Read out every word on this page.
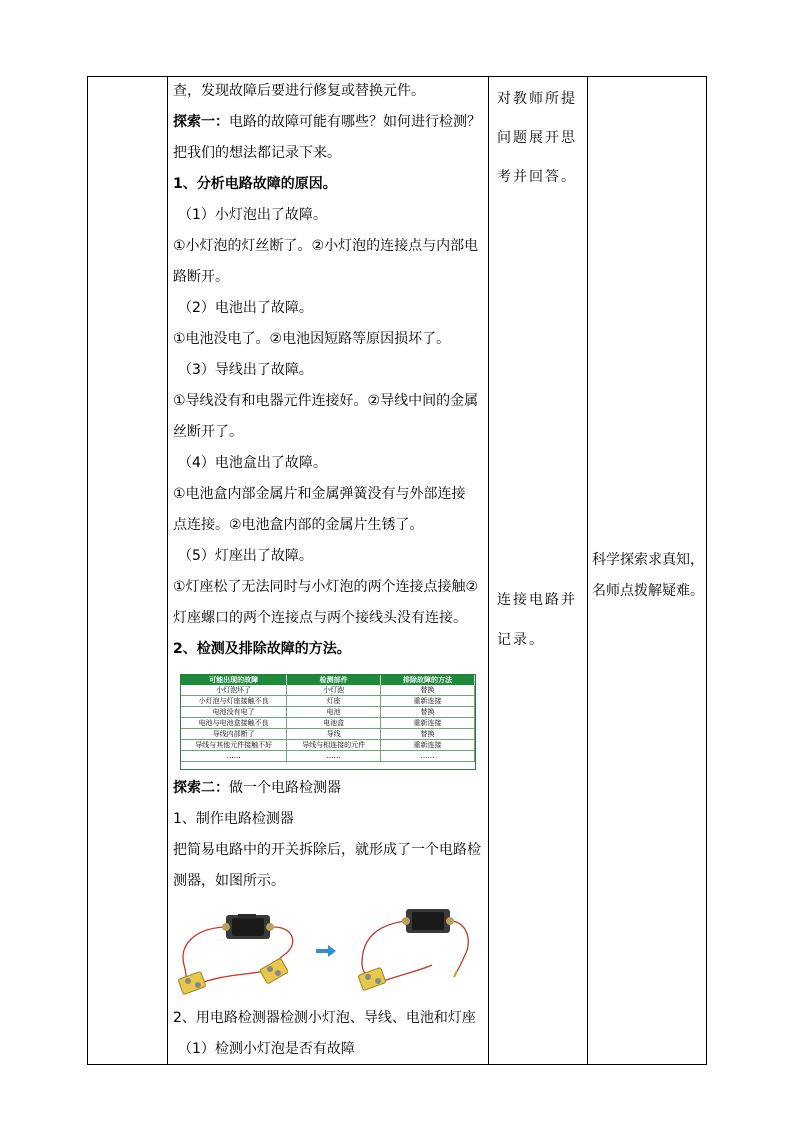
查，发现故障后要进行修复或替换元件。

探索一：电路的故障可能有哪些？如何进行检测？

把我们的想法都记录下来。

1、分析电路故障的原因。

（1）小灯泡出了故障。

①小灯泡的灯丝断了。②小灯泡的连接点与内部电

路断开。

（2）电池出了故障。

①电池没电了。②电池因短路等原因损坏了。

（3）导线出了故障。

①导线没有和电器元件连接好。②导线中间的金属

丝断开了。

（4）电池盒出了故障。

①电池盒内部金属片和金属弹簧没有与外部连接

点连接。②电池盒内部的金属片生锈了。

（5）灯座出了故障。

①灯座松了无法同时与小灯泡的两个连接点接触②

灯座螺口的两个连接点与两个接线头没有连接。

2、检测及排除故障的方法。

可能出现的故障	检测部件	排除故障的方法
小灯泡坏了	小灯泡	替换
小灯泡与灯座接触不良	灯座	重新连接
电池没有电了	电池	替换
电池与电池盒接触不良	电池盒	重新连接
导线内部断了	导线	替换
导线与其他元件接触不好	导线与相连接的元件	重新连接
……	……	……

探索二：做一个电路检测器

1、制作电路检测器

把简易电路中的开关拆除后，就形成了一个电路检

测器，如图所示。

2、用电路检测器检测小灯泡、导线、电池和灯座

（1）检测小灯泡是否有故障

对教师所提
问题展开思
考并回答。
连接电路并
记录。
科学探索求真知，
名师点拨解疑难。
